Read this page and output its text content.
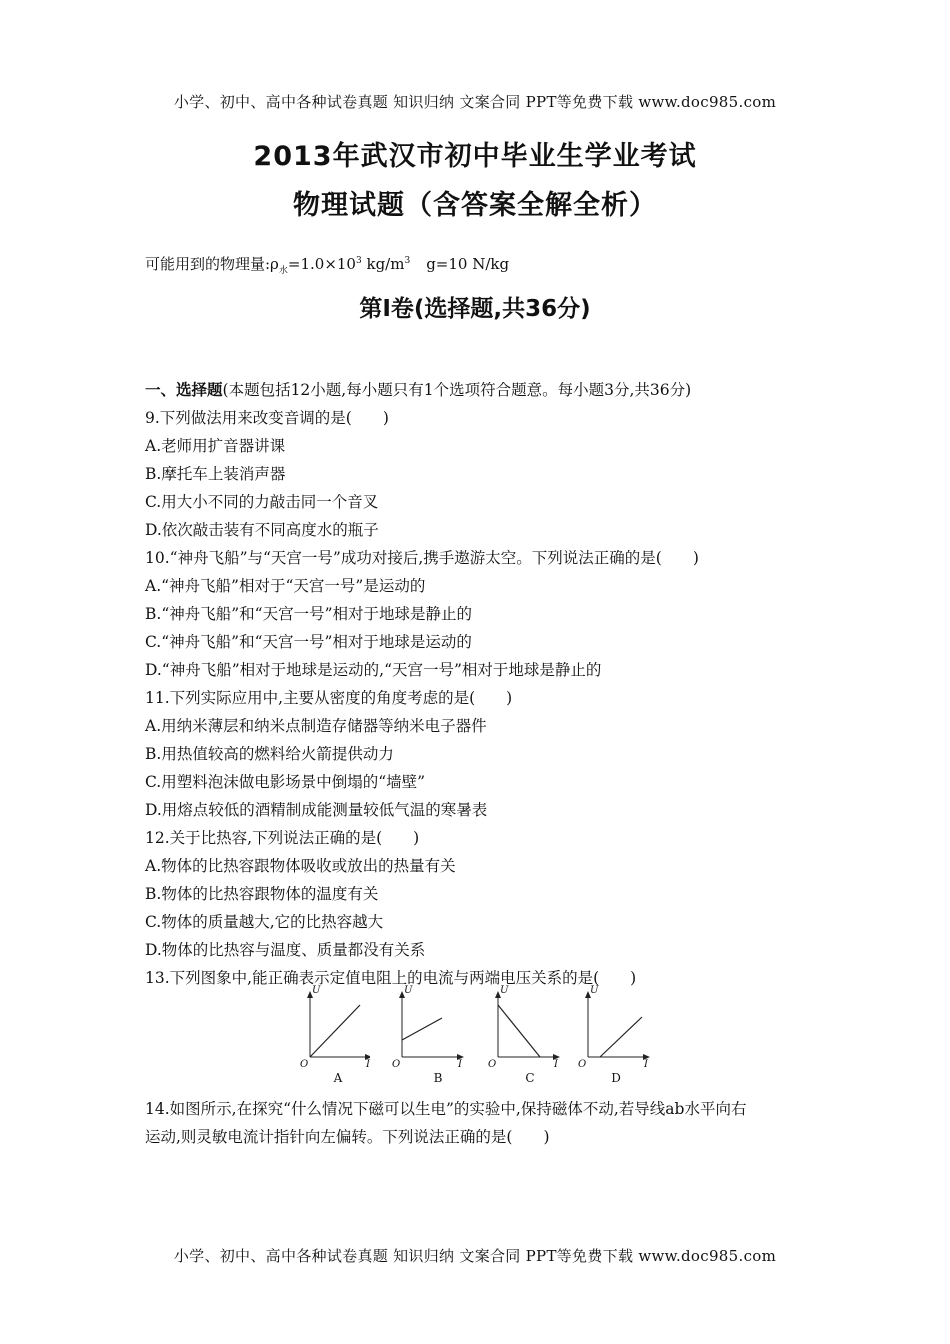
小学、初中、高中各种试卷真题 知识归纳 文案合同 PPT等免费下载 www.doc985.com
2013年武汉市初中毕业生学业考试
物理试题（含答案全解全析）
可能用到的物理量$:\rho_水=1.0\times 10^3$ $kg/m^3$ g=10 N/kg
第Ⅰ卷(选择题,共36分)
一、选择题(本题包括12小题,每小题只有1个选项符合题意。每小题3分,共36分)
9.下列做法用来改变音调的是(　　)
A.老师用扩音器讲课
B.摩托车上装消声器
C.用大小不同的力敲击同一个音叉
D.依次敲击装有不同高度水的瓶子
10.“神舟飞船”与“天宫一号”成功对接后,携手遨游太空。下列说法正确的是(　　)
A.“神舟飞船”相对于“天宫一号”是运动的
B.“神舟飞船”和“天宫一号”相对于地球是静止的
C.“神舟飞船”和“天宫一号”相对于地球是运动的
D.“神舟飞船”相对于地球是运动的,“天宫一号”相对于地球是静止的
11.下列实际应用中,主要从密度的角度考虑的是(　　)
A.用纳米薄层和纳米点制造存储器等纳米电子器件
B.用热值较高的燃料给火箭提供动力
C.用塑料泡沫做电影场景中倒塌的“墙壁”
D.用熔点较低的酒精制成能测量较低气温的寒暑表
12.关于比热容,下列说法正确的是(　　)
A.物体的比热容跟物体吸收或放出的热量有关
B.物体的比热容跟物体的温度有关
C.物体的质量越大,它的比热容越大
D.物体的比热容与温度、质量都没有关系
13.下列图象中,能正确表示定值电阻上的电流与两端电压关系的是(　　)
U
I
O
A
U
I
O
B
U
I
O
C
U
I
O
D
14.如图所示,在探究“什么情况下磁可以生电”的实验中,保持磁体不动,若导线ab水平向右
运动,则灵敏电流计指针向左偏转。下列说法正确的是(　　)
小学、初中、高中各种试卷真题 知识归纳 文案合同 PPT等免费下载 www.doc985.com
